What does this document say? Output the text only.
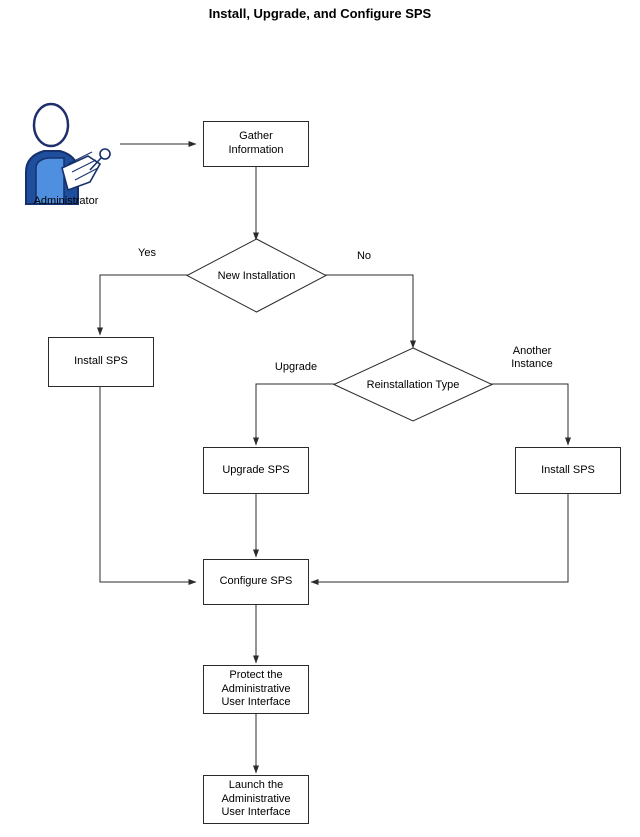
Install, Upgrade, and Configure SPS
Administrator
Gather
Information
Install SPS
Upgrade SPS	Install SPS
Configure SPS
Protect the
Administrative
User Interface
Launch the
Administrative
User Interface
New Installation
Reinstallation Type
Yes	No
Upgrade
Another
Instance
